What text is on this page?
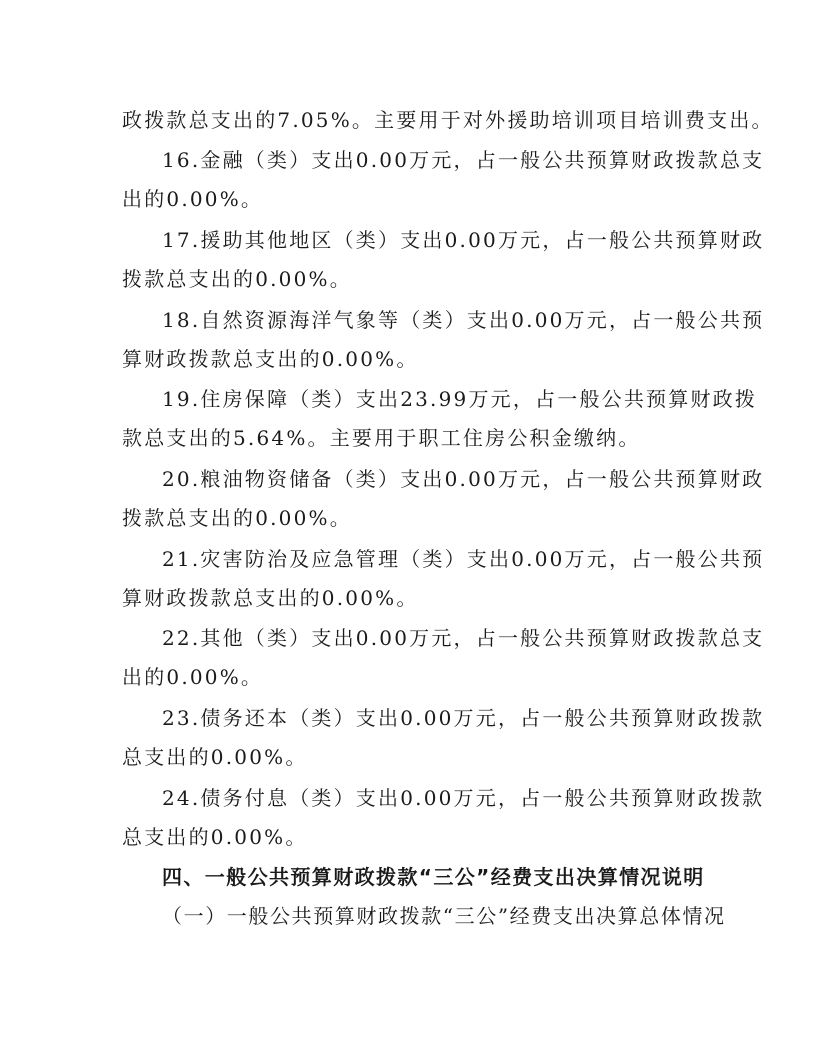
政拨款总支出的7.05%。主要用于对外援助培训项目培训费支出。
16.金融（类）支出0.00万元，占一般公共预算财政拨款总支
出的0.00%。
17.援助其他地区（类）支出0.00万元，占一般公共预算财政
拨款总支出的0.00%。
18.自然资源海洋气象等（类）支出0.00万元，占一般公共预
算财政拨款总支出的0.00%。
19.住房保障（类）支出23.99万元，占一般公共预算财政拨
款总支出的5.64%。主要用于职工住房公积金缴纳。
20.粮油物资储备（类）支出0.00万元，占一般公共预算财政
拨款总支出的0.00%。
21.灾害防治及应急管理（类）支出0.00万元，占一般公共预
算财政拨款总支出的0.00%。
22.其他（类）支出0.00万元，占一般公共预算财政拨款总支
出的0.00%。
23.债务还本（类）支出0.00万元，占一般公共预算财政拨款
总支出的0.00%。
24.债务付息（类）支出0.00万元，占一般公共预算财政拨款
总支出的0.00%。
四、一般公共预算财政拨款“三公”经费支出决算情况说明
（一）一般公共预算财政拨款“三公”经费支出决算总体情况
